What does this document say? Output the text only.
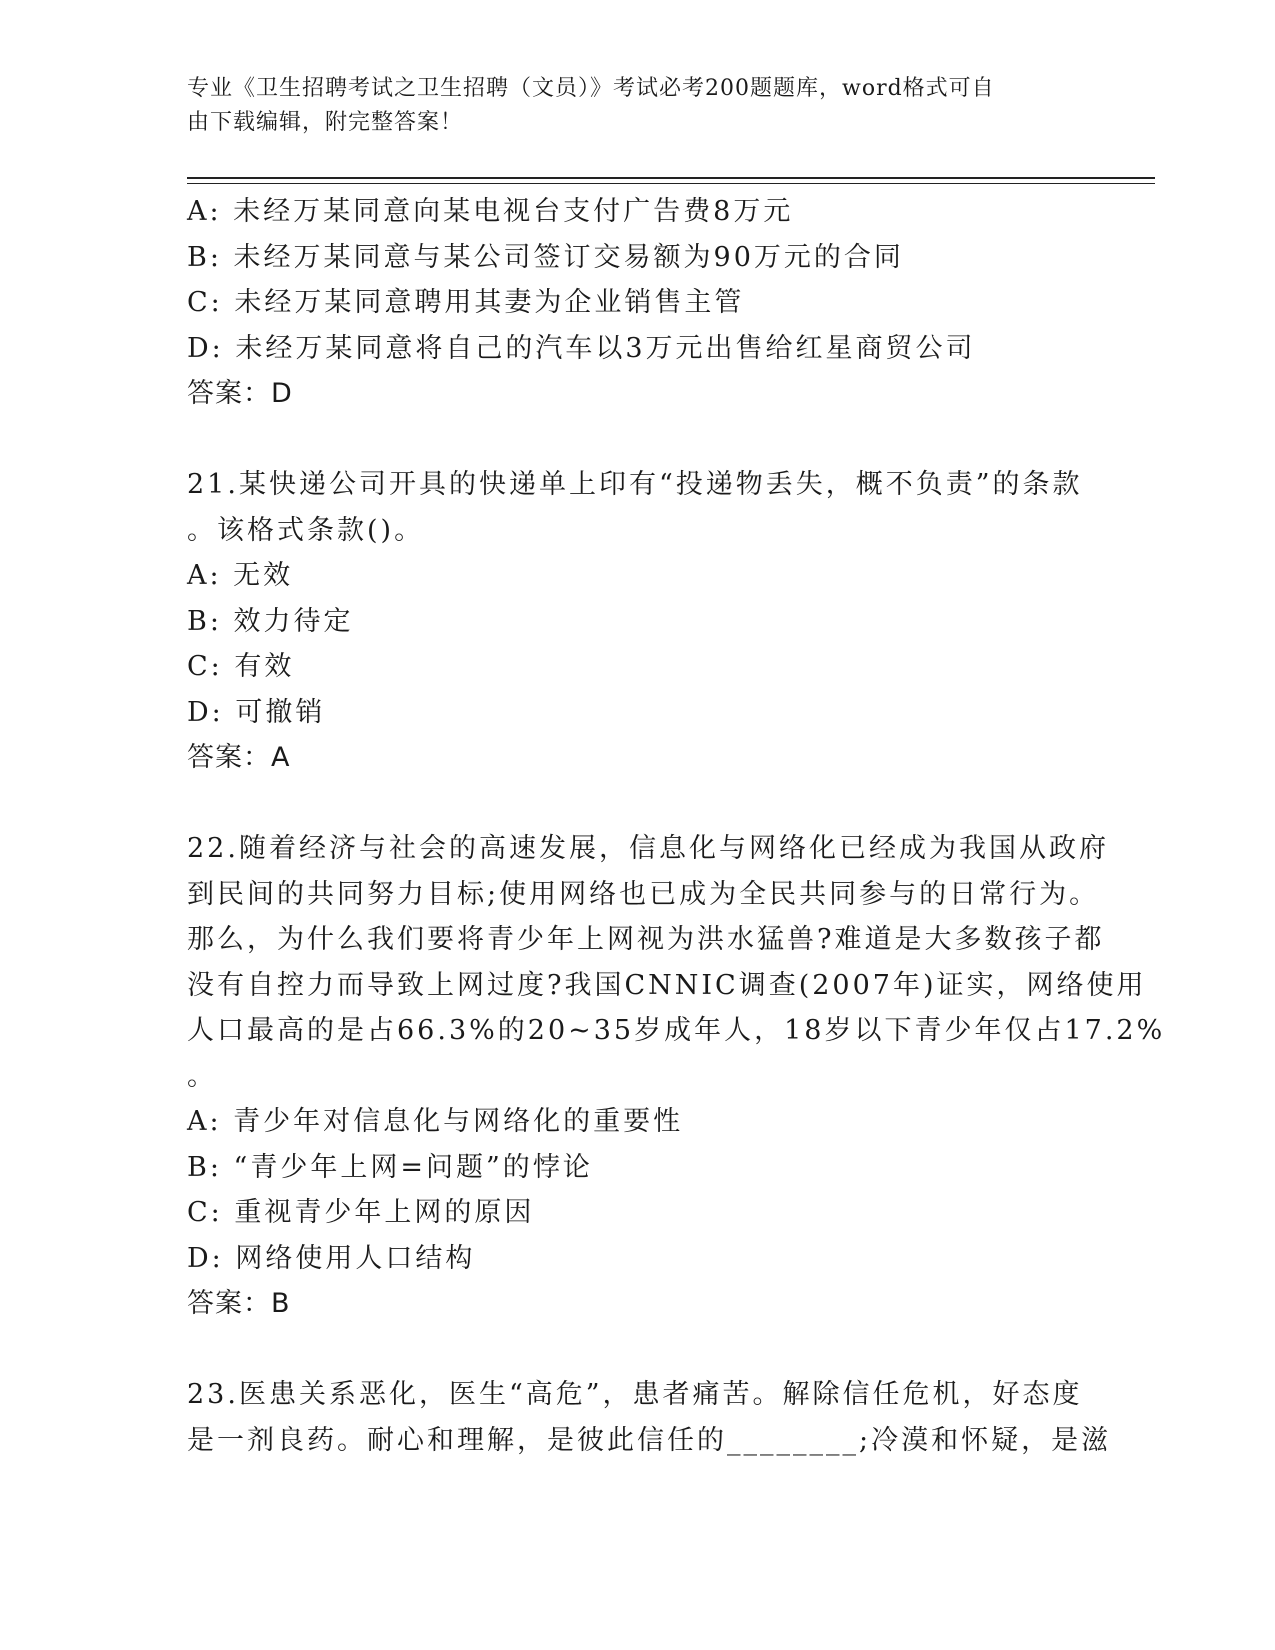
专业《卫生招聘考试之卫生招聘（文员）》考试必考200题题库，word格式可自
由下载编辑，附完整答案！
A: 未经万某同意向某电视台支付广告费8万元
B: 未经万某同意与某公司签订交易额为90万元的合同
C: 未经万某同意聘用其妻为企业销售主管
D: 未经万某同意将自己的汽车以3万元出售给红星商贸公司
答案：D
21.某快递公司开具的快递单上印有“投递物丢失，概不负责”的条款
。该格式条款()。
A: 无效
B: 效力待定
C: 有效
D: 可撤销
答案：A
22.随着经济与社会的高速发展，信息化与网络化已经成为我国从政府
到民间的共同努力目标;使用网络也已成为全民共同参与的日常行为。
那么，为什么我们要将青少年上网视为洪水猛兽?难道是大多数孩子都
没有自控力而导致上网过度?我国CNNIC调查(2007年)证实，网络使用
人口最高的是占66.3%的20~35岁成年人，18岁以下青少年仅占17.2%
。
A: 青少年对信息化与网络化的重要性
B: “青少年上网=问题”的悖论
C: 重视青少年上网的原因
D: 网络使用人口结构
答案：B
23.医患关系恶化，医生“高危”，患者痛苦。解除信任危机，好态度
是一剂良药。耐心和理解，是彼此信任的________;冷漠和怀疑，是滋
